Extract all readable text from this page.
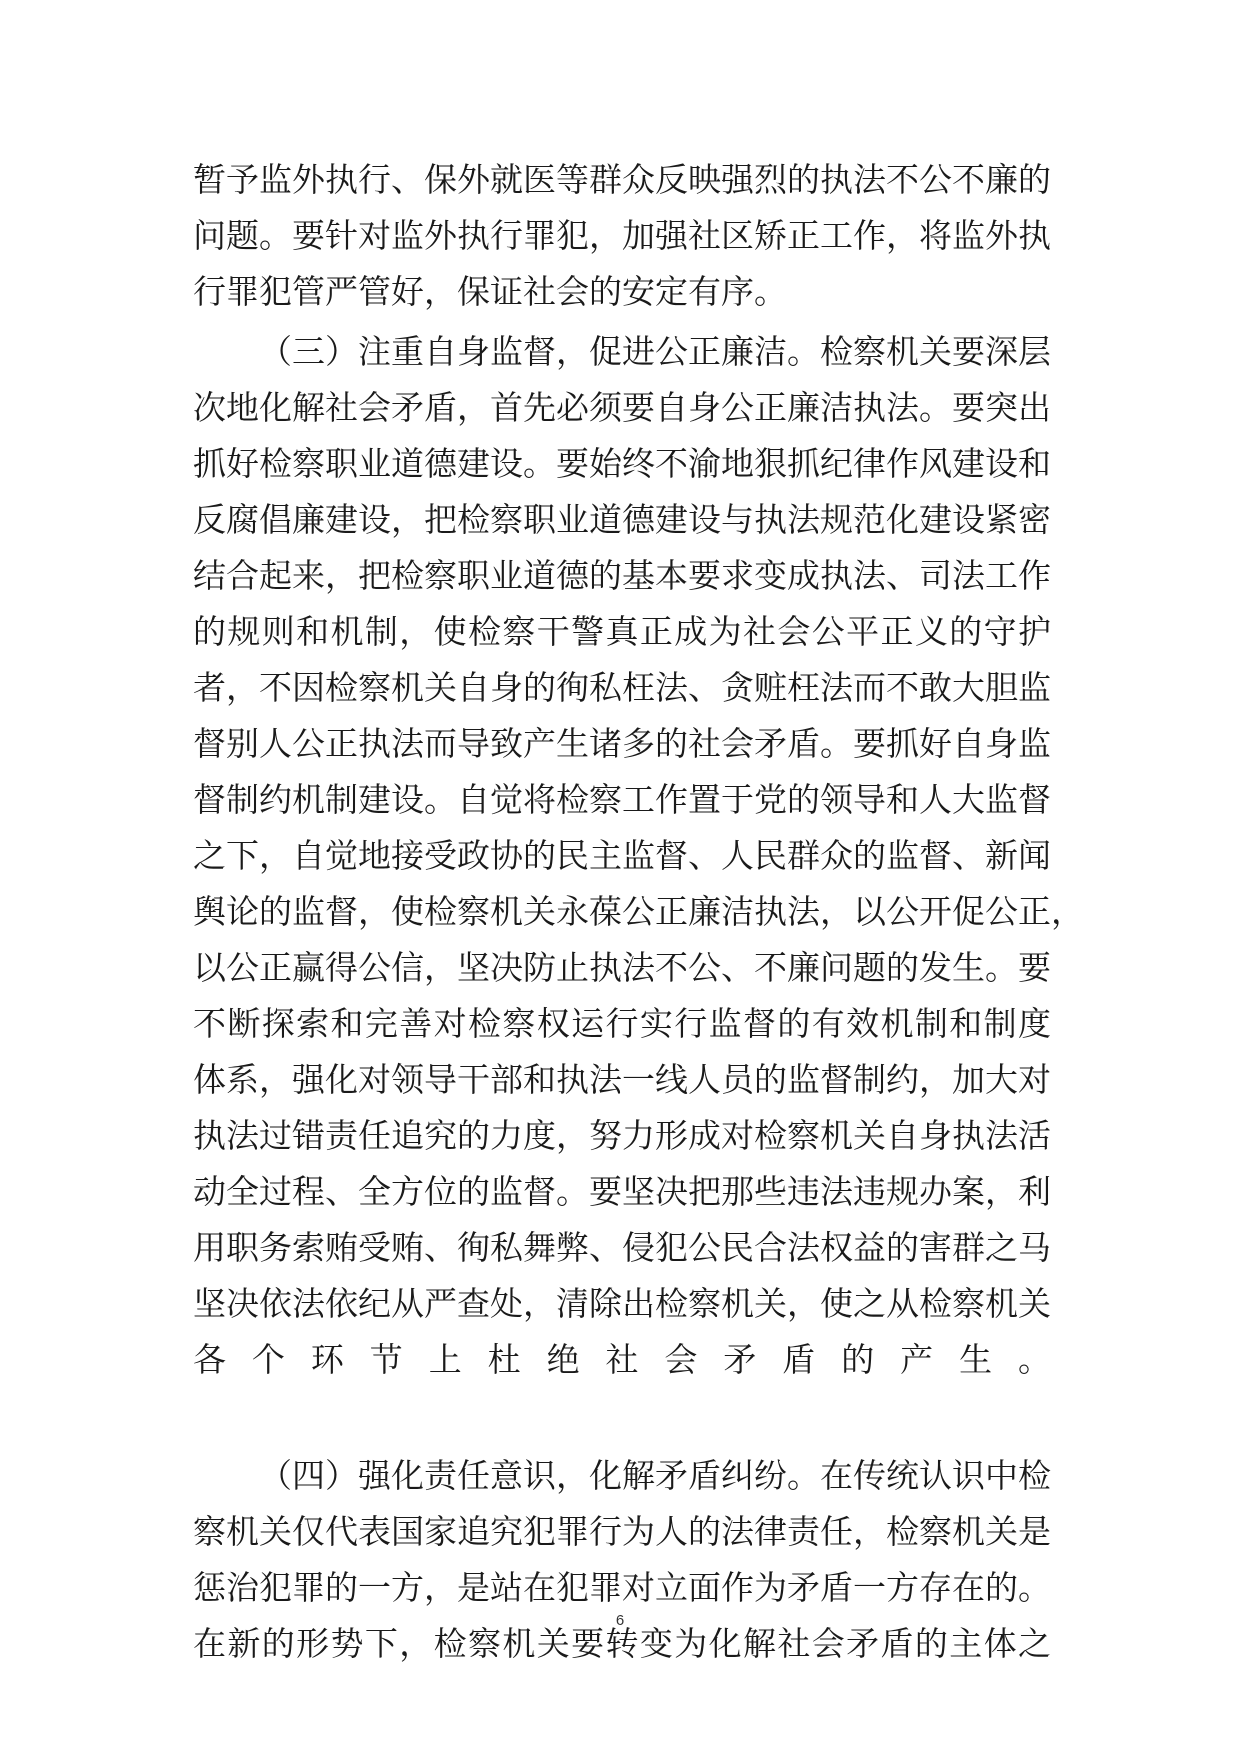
暂予监外执行、保外就医等群众反映强烈的执法不公不廉的
问题。要针对监外执行罪犯，加强社区矫正工作，将监外执
行罪犯管严管好，保证社会的安定有序。
（三）注重自身监督，促进公正廉洁。检察机关要深层
次地化解社会矛盾，首先必须要自身公正廉洁执法。要突出
抓好检察职业道德建设。要始终不渝地狠抓纪律作风建设和
反腐倡廉建设，把检察职业道德建设与执法规范化建设紧密
结合起来，把检察职业道德的基本要求变成执法、司法工作
的规则和机制，使检察干警真正成为社会公平正义的守护
者，不因检察机关自身的徇私枉法、贪赃枉法而不敢大胆监
督别人公正执法而导致产生诸多的社会矛盾。要抓好自身监
督制约机制建设。自觉将检察工作置于党的领导和人大监督
之下，自觉地接受政协的民主监督、人民群众的监督、新闻
舆论的监督，使检察机关永葆公正廉洁执法，以公开促公正，
以公正赢得公信，坚决防止执法不公、不廉问题的发生。要
不断探索和完善对检察权运行实行监督的有效机制和制度
体系，强化对领导干部和执法一线人员的监督制约，加大对
执法过错责任追究的力度，努力形成对检察机关自身执法活
动全过程、全方位的监督。要坚决把那些违法违规办案，利
用职务索贿受贿、徇私舞弊、侵犯公民合法权益的害群之马
坚决依法依纪从严查处，清除出检察机关，使之从检察机关
各个环节上杜绝社会矛盾的产生。
（四）强化责任意识，化解矛盾纠纷。在传统认识中检
察机关仅代表国家追究犯罪行为人的法律责任，检察机关是
惩治犯罪的一方，是站在犯罪对立面作为矛盾一方存在的。
在新的形势下，检察机关要转变为化解社会矛盾的主体之
6
